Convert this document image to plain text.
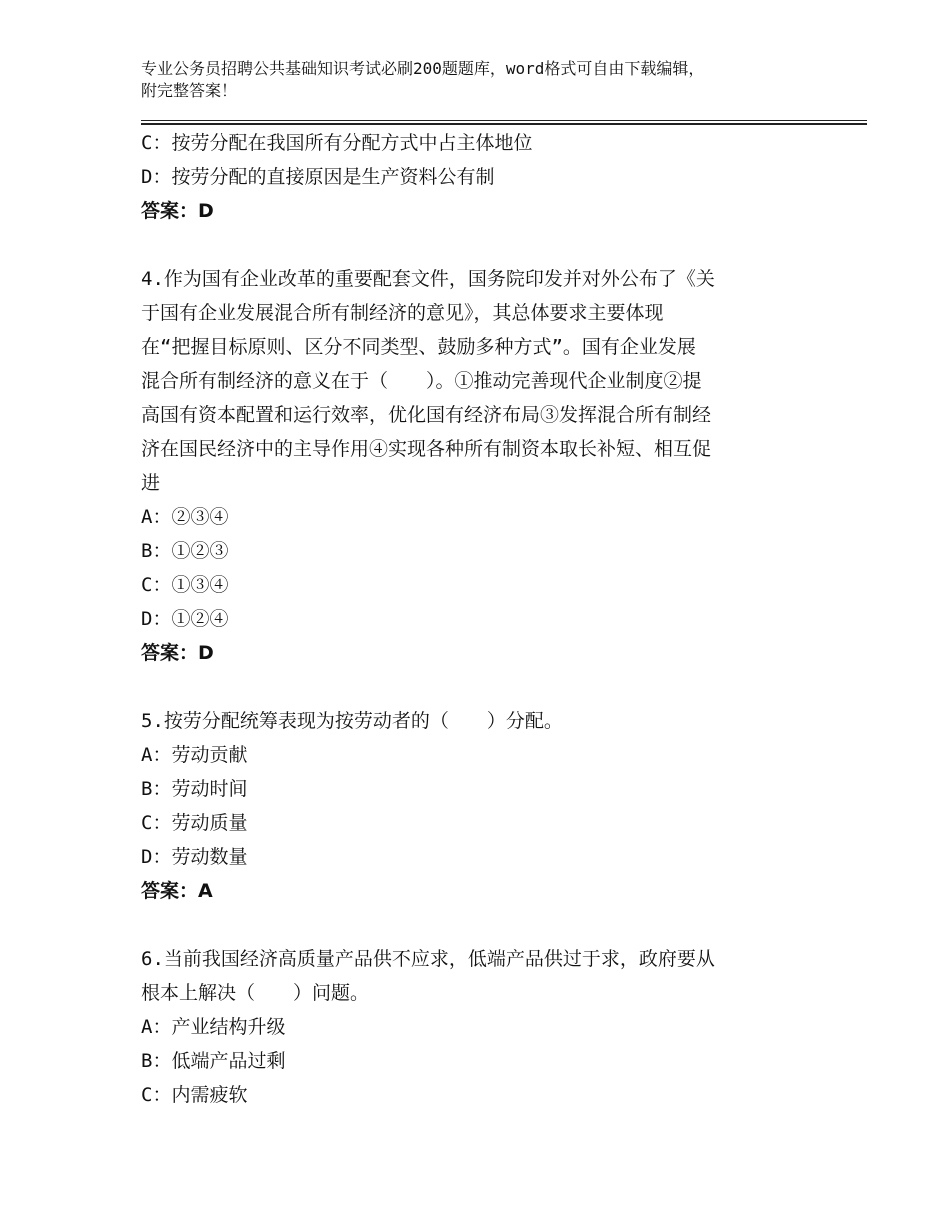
专业公务员招聘公共基础知识考试必刷200题题库，word格式可自由下载编辑，
附完整答案！

C：按劳分配在我国所有分配方式中占主体地位

D：按劳分配的直接原因是生产资料公有制

答案：D

4.作为国有企业改革的重要配套文件，国务院印发并对外公布了《关

于国有企业发展混合所有制经济的意见》，其总体要求主要体现

在“把握目标原则、区分不同类型、鼓励多种方式”。国有企业发展

混合所有制经济的意义在于（　　）。①推动完善现代企业制度②提

高国有资本配置和运行效率，优化国有经济布局③发挥混合所有制经

济在国民经济中的主导作用④实现各种所有制资本取长补短、相互促

进

A：②③④

B：①②③

C：①③④

D：①②④

答案：D

5.按劳分配统筹表现为按劳动者的（　　）分配。

A：劳动贡献

B：劳动时间

C：劳动质量

D：劳动数量

答案：A

6.当前我国经济高质量产品供不应求，低端产品供过于求，政府要从

根本上解决（　　）问题。

A：产业结构升级

B：低端产品过剩

C：内需疲软
